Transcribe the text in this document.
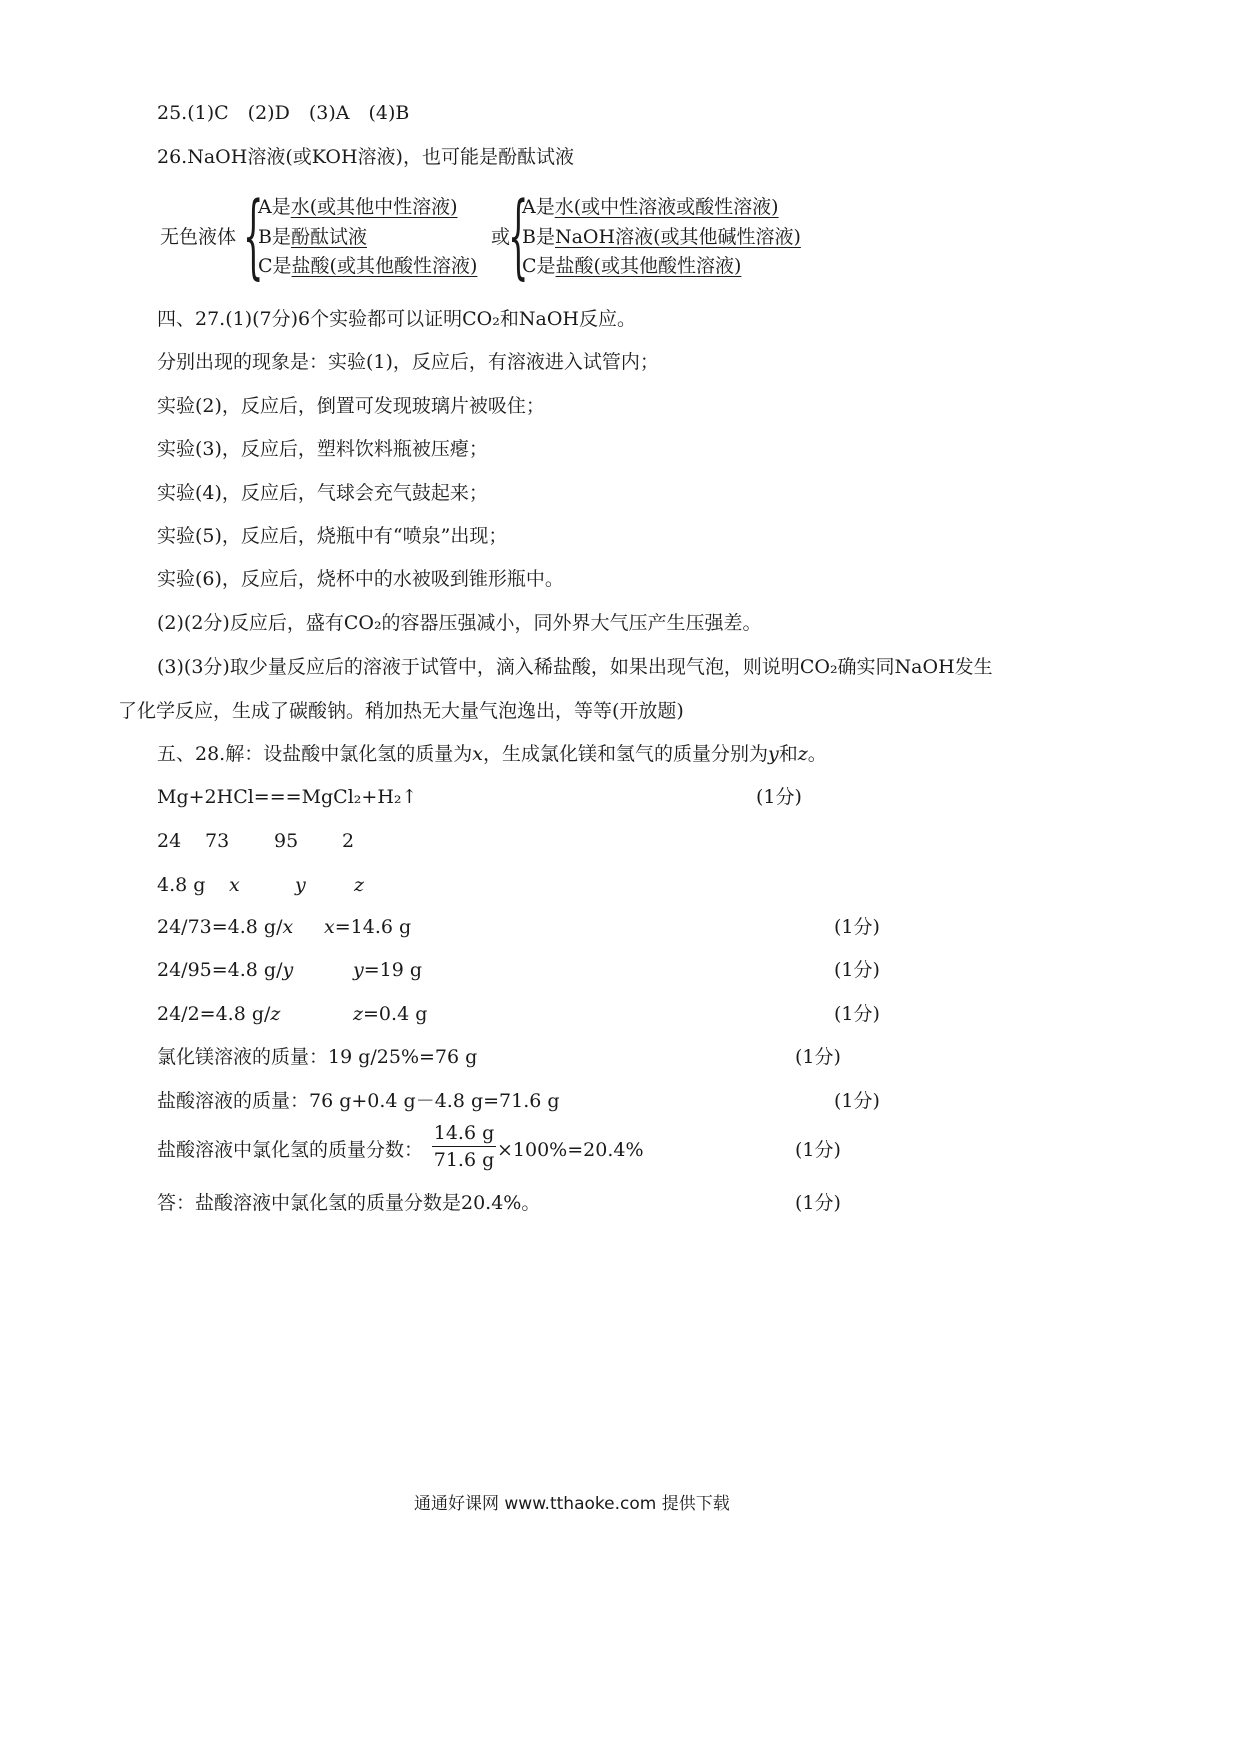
25.(1)C　(2)D　(3)A　(4)B
26.NaOH溶液(或KOH溶液)，也可能是酚酞试液
无色液体 {
A是水(或其他中性溶液)
B是酚酞试液
C是盐酸(或其他酸性溶液)
或
{
A是水(或中性溶液或酸性溶液)
B是NaOH溶液(或其他碱性溶液)
C是盐酸(或其他酸性溶液)
四、27.(1)(7分)6个实验都可以证明CO₂和NaOH反应。
分别出现的现象是：实验(1)，反应后，有溶液进入试管内；
实验(2)，反应后，倒置可发现玻璃片被吸住；
实验(3)，反应后，塑料饮料瓶被压瘪；
实验(4)，反应后，气球会充气鼓起来；
实验(5)，反应后，烧瓶中有“喷泉”出现；
实验(6)，反应后，烧杯中的水被吸到锥形瓶中。
(2)(2分)反应后，盛有CO₂的容器压强减小，同外界大气压产生压强差。
(3)(3分)取少量反应后的溶液于试管中，滴入稀盐酸，如果出现气泡，则说明CO₂确实同NaOH发生
了化学反应，生成了碳酸钠。稍加热无大量气泡逸出，等等(开放题)
五、28.解：设盐酸中氯化氢的质量为x，生成氯化镁和氢气的质量分别为y和z。
Mg+2HCl===MgCl₂+H₂↑	(1分)
24 73 95 2
4.8 g x	y	z
24/73=4.8 g/x x=14.6 g	(1分)
24/95=4.8 g/y	y=19 g	(1分)
24/2=4.8 g/z	z=0.4 g	(1分)
氯化镁溶液的质量：19 g/25%=76 g	(1分)
盐酸溶液的质量：76 g+0.4 g－4.8 g=71.6 g	(1分)
盐酸溶液中氯化氢的质量分数：
14.6 g
71.6 g ×100%=20.4%	(1分)
答：盐酸溶液中氯化氢的质量分数是20.4%。	(1分)
通通好课网 www.tthaoke.com 提供下载
